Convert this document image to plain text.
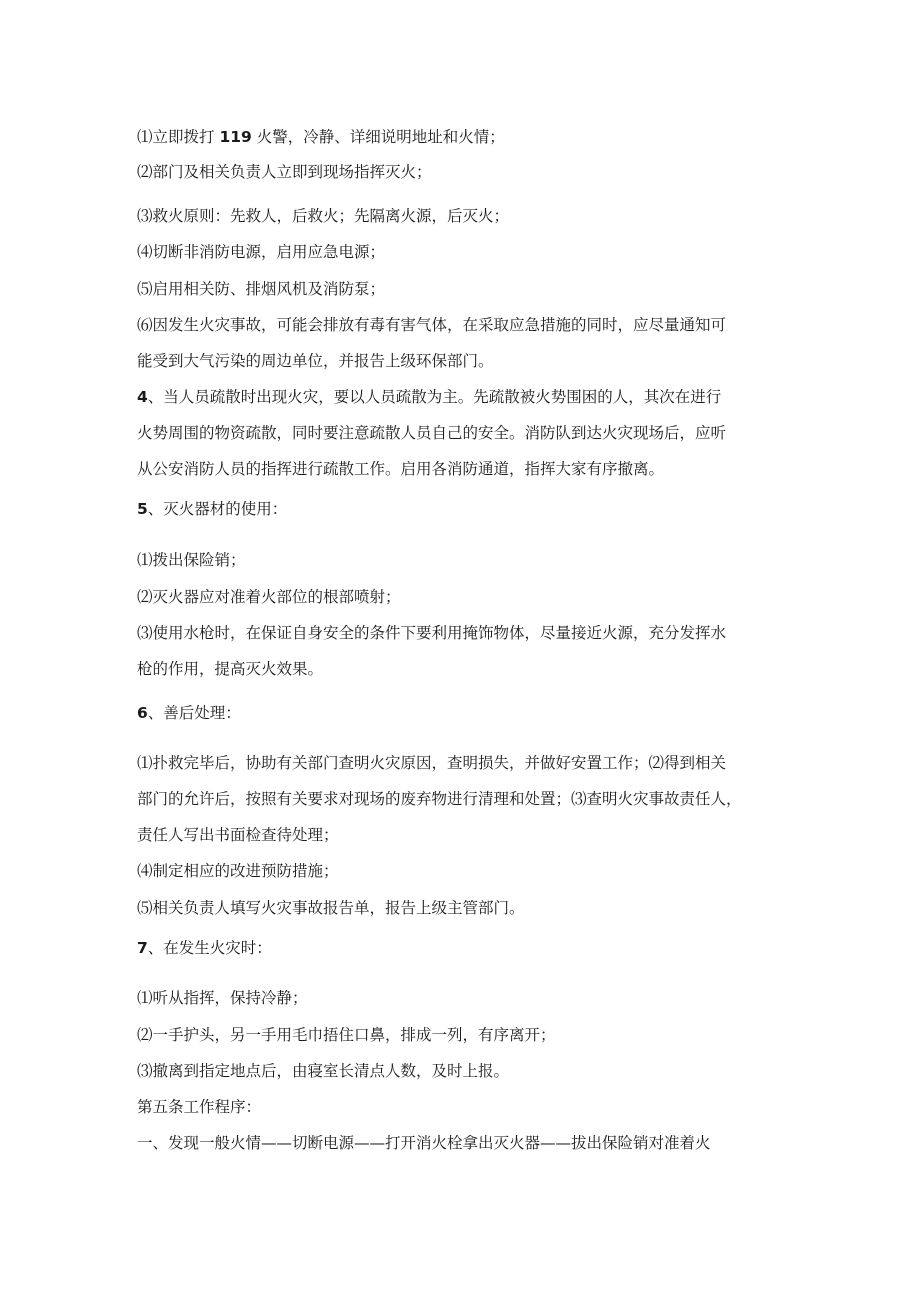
⑴立即拨打 119 火警，冷静、详细说明地址和火情；
⑵部门及相关负责人立即到现场指挥灭火；
⑶救火原则：先救人，后救火；先隔离火源，后灭火；
⑷切断非消防电源，启用应急电源；
⑸启用相关防、排烟风机及消防泵；
⑹因发生火灾事故，可能会排放有毒有害气体，在采取应急措施的同时，应尽量通知可
能受到大气污染的周边单位，并报告上级环保部门。
4、当人员疏散时出现火灾，要以人员疏散为主。先疏散被火势围困的人，其次在进行
火势周围的物资疏散，同时要注意疏散人员自己的安全。消防队到达火灾现场后，应听
从公安消防人员的指挥进行疏散工作。启用各消防通道，指挥大家有序撤离。
5、灭火器材的使用：
⑴拨出保险销；
⑵灭火器应对准着火部位的根部喷射；
⑶使用水枪时，在保证自身安全的条件下要利用掩饰物体，尽量接近火源，充分发挥水
枪的作用，提高灭火效果。
6、善后处理：
⑴扑救完毕后，协助有关部门查明火灾原因，查明损失，并做好安置工作；⑵得到相关
部门的允许后，按照有关要求对现场的废弃物进行清理和处置；⑶查明火灾事故责任人，
责任人写出书面检查待处理；
⑷制定相应的改进预防措施；
⑸相关负责人填写火灾事故报告单，报告上级主管部门。
7、在发生火灾时：
⑴听从指挥，保持冷静；
⑵一手护头，另一手用毛巾捂住口鼻，排成一列，有序离开；
⑶撤离到指定地点后，由寝室长清点人数，及时上报。
第五条工作程序：
一、发现一般火情——切断电源——打开消火栓拿出灭火器——拔出保险销对准着火
